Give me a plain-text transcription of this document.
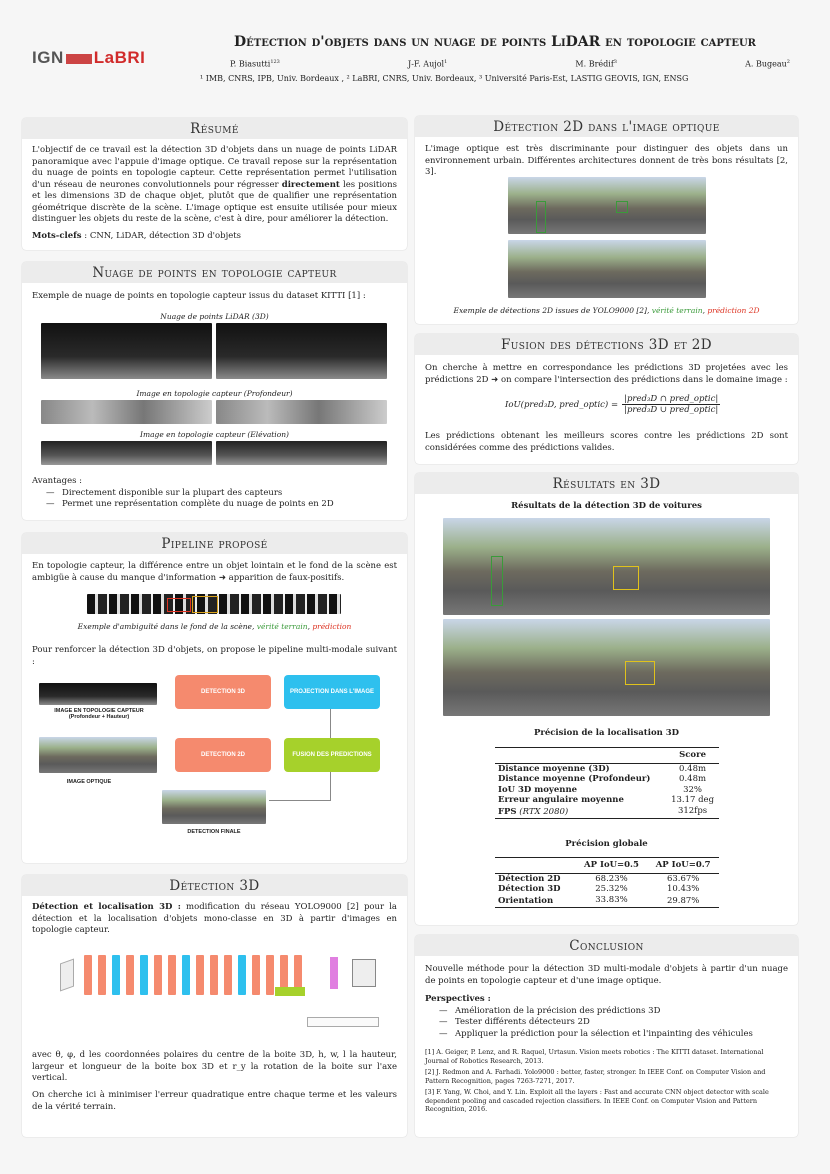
IGN LaBRI
Détection d'objets dans un nuage de points LiDAR en topologie capteur
P. Biasutti$^{123}$	J-F. Aujol$^1$	M. Brédif$^3$	A. Bugeau$^2$
¹ IMB, CNRS, IPB, Univ. Bordeaux , ² LaBRI, CNRS, Univ. Bordeaux, ³ Université Paris-Est, LASTIG GEOVIS, IGN, ENSG
Résumé
L'objectif de ce travail est la détection 3D d'objets dans un nuage de points LiDAR panoramique avec l'appuie d'image optique. Ce travail repose sur la représentation du nuage de points en topologie capteur. Cette représentation permet l'utilisation d'un réseau de neurones convolutionnels pour régresser directement les positions et les dimensions 3D de chaque objet, plutôt que de qualifier une représentation géométrique discrète de la scène. L'image optique est ensuite utilisée pour mieux distinguer les objets du reste de la scène, c'est à dire, pour améliorer la détection.
Mots-clefs : CNN, LiDAR, détection 3D d'objets
Nuage de points en topologie capteur
Exemple de nuage de points en topologie capteur issus du dataset KITTI [1] :
Nuage de points LiDAR (3D)
Image en topologie capteur (Profondeur)
Image en topologie capteur (Elévation)
Avantages :
— Directement disponible sur la plupart des capteurs
— Permet une représentation complète du nuage de points en 2D
Pipeline proposé
En topologie capteur, la différence entre un objet lointain et le fond de la scène est ambigüe à cause du manque d'information ➜ apparition de faux-positifs.
Exemple d'ambiguïté dans le fond de la scène, vérité terrain, prédiction
Pour renforcer la détection 3D d'objets, on propose le pipeline multi-modale suivant :
IMAGE EN TOPOLOGIE CAPTEUR (Profondeur + Hauteur)
IMAGE OPTIQUE
DETECTION 3D	PROJECTION DANS L'IMAGE
DETECTION 2D	FUSION DES PREDICTIONS
DETECTION FINALE
Détection 3D
Détection et localisation 3D : modification du réseau YOLO9000 [2] pour la détection et la localisation d'objets mono-classe en 3D à partir d'images en topologie capteur.
avec θ, φ, d les coordonnées polaires du centre de la boite 3D, h, w, l la hauteur, largeur et longueur de la boite box 3D et r_y la rotation de la boite sur l'axe vertical.
On cherche ici à minimiser l'erreur quadratique entre chaque terme et les valeurs de la vérité terrain.
Détection 2D dans l'image optique
L'image optique est très discriminante pour distinguer des objets dans un environnement urbain. Différentes architectures donnent de très bons résultats [2, 3].
Exemple de détections 2D issues de YOLO9000 [2], vérité terrain, prédiction 2D
Fusion des détections 3D et 2D
On cherche à mettre en correspondance les prédictions 3D projetées avec les prédictions 2D ➜ on compare l'intersection des prédictions dans le domaine image :
IoU(pred₃D, pred_optic) =
|pred₃D ∩ pred_optic|
|pred₃D ∪ pred_optic|
Les prédictions obtenant les meilleurs scores contre les prédictions 2D sont considérées comme des prédictions valides.
Résultats en 3D
Résultats de la détection 3D de voitures
Précision de la localisation 3D
	Score
Distance moyenne (3D)	0.48m
Distance moyenne (Profondeur)	0.48m
IoU 3D moyenne	32%
Erreur angulaire moyenne	13.17 deg
FPS (RTX 2080)	312fps
Précision globale
	AP IoU=0.5	AP IoU=0.7
Détection 2D	68.23%	63.67%
Détection 3D	25.32%	10.43%
Orientation	33.83%	29.87%
Conclusion
Nouvelle méthode pour la détection 3D multi-modale d'objets à partir d'un nuage de points en topologie capteur et d'une image optique.
Perspectives :
— Amélioration de la précision des prédictions 3D
— Tester différents détecteurs 2D
— Appliquer la prédiction pour la sélection et l'inpainting des véhicules
[1] A. Geiger, P. Lenz, and R. Raquel, Urtasun. Vision meets robotics : The KITTI dataset. International Journal of Robotics Research, 2013.
[2] J. Redmon and A. Farhadi. Yolo9000 : better, faster, stronger. In IEEE Conf. on Computer Vision and Pattern Recognition, pages 7263-7271, 2017.
[3] F. Yang, W. Choi, and Y. Lin. Exploit all the layers : Fast and accurate CNN object detector with scale dependent pooling and cascaded rejection classifiers. In IEEE Conf. on Computer Vision and Pattern Recognition, 2016.
